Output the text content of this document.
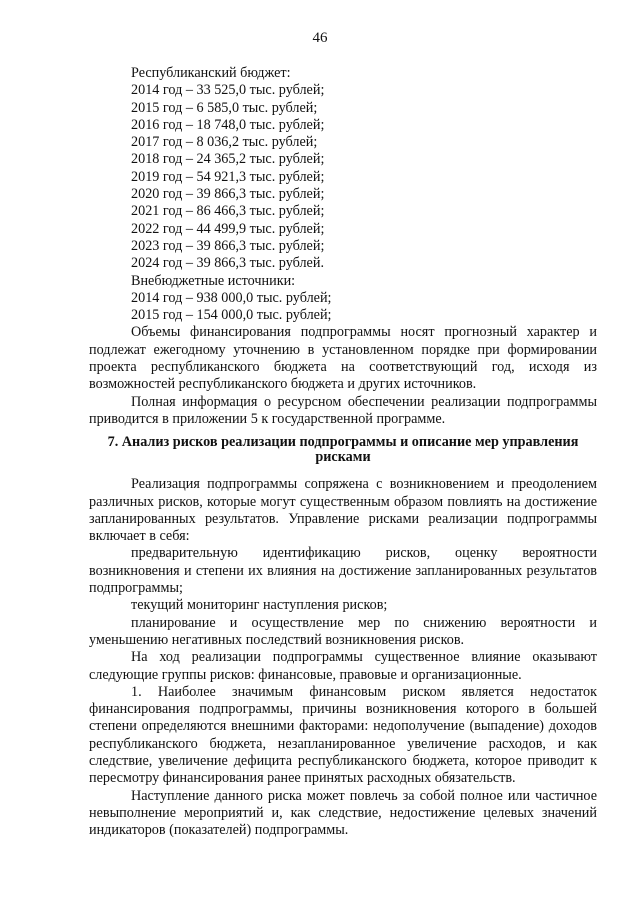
46
Республиканский бюджет:
2014 год – 33 525,0 тыс. рублей;
2015 год – 6 585,0 тыс. рублей;
2016 год – 18 748,0 тыс. рублей;
2017 год – 8 036,2 тыс. рублей;
2018 год – 24 365,2 тыс. рублей;
2019 год – 54 921,3 тыс. рублей;
2020 год – 39 866,3 тыс. рублей;
2021 год – 86 466,3 тыс. рублей;
2022 год – 44 499,9 тыс. рублей;
2023 год – 39 866,3 тыс. рублей;
2024 год – 39 866,3 тыс. рублей.
Внебюджетные источники:
2014 год – 938 000,0 тыс. рублей;
2015 год – 154 000,0 тыс. рублей;

Объемы финансирования подпрограммы носят прогнозный характер и подлежат ежегодному уточнению в установленном порядке при формировании проекта республиканского бюджета на соответствующий год, исходя из возможностей республиканского бюджета и других источников.

Полная информация о ресурсном обеспечении реализации подпрограммы приводится в приложении 5 к государственной программе.

7. Анализ рисков реализации подпрограммы и описание мер управления рисками

Реализация подпрограммы сопряжена с возникновением и преодолением различных рисков, которые могут существенным образом повлиять на достижение запланированных результатов. Управление рисками реализации подпрограммы включает в себя:

предварительную идентификацию рисков, оценку вероятности возникновения и степени их влияния на достижение запланированных результатов подпрограммы;

текущий мониторинг наступления рисков;

планирование и осуществление мер по снижению вероятности и уменьшению негативных последствий возникновения рисков.

На ход реализации подпрограммы существенное влияние оказывают следующие группы рисков: финансовые, правовые и организационные.

1. Наиболее значимым финансовым риском является недостаток финансирования подпрограммы, причины возникновения которого в большей степени определяются внешними факторами: недополучение (выпадение) доходов республиканского бюджета, незапланированное увеличение расходов, и как следствие, увеличение дефицита республиканского бюджета, которое приводит к пересмотру финансирования ранее принятых расходных обязательств.

Наступление данного риска может повлечь за собой полное или частичное невыполнение мероприятий и, как следствие, недостижение целевых значений индикаторов (показателей) подпрограммы.
